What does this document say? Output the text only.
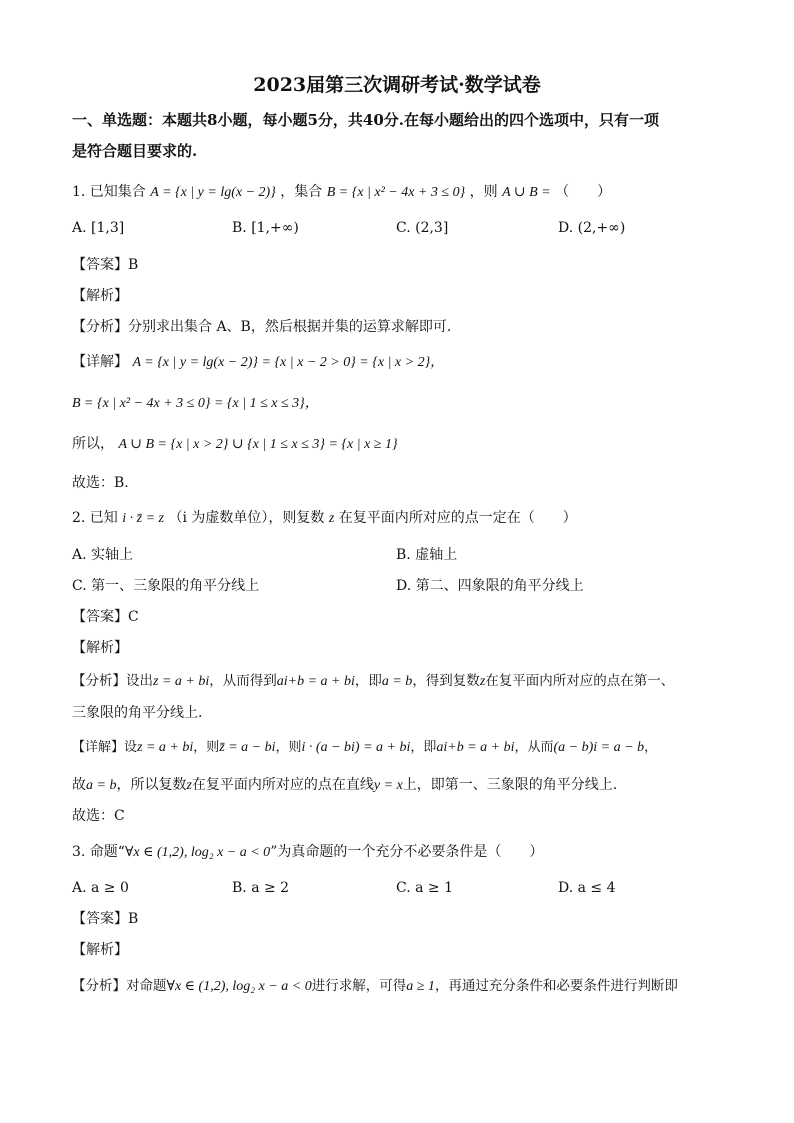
2023届第三次调研考试·数学试卷
一、单选题：本题共8小题，每小题5分，共40分.在每小题给出的四个选项中，只有一项
是符合题目要求的.
1. 已知集合 A = {x | y = lg(x − 2)} ，集合 B = {x | x² − 4x + 3 ≤ 0} ，则 A ∪ B = （　　）
A. [1,3]	B. [1,+∞)	C. (2,3]	D. (2,+∞)
【答案】B
【解析】
【分析】分别求出集合 A、B，然后根据并集的运算求解即可.
【详解】 A = {x | y = lg(x − 2)} = {x | x − 2 > 0} = {x | x > 2}，
B = {x | x² − 4x + 3 ≤ 0} = {x | 1 ≤ x ≤ 3}，
所以， A ∪ B = {x | x > 2} ∪ {x | 1 ≤ x ≤ 3} = {x | x ≥ 1}
故选：B.
2. 已知 i · z̄ = z （i 为虚数单位），则复数 z 在复平面内所对应的点一定在（　　）
A. 实轴上	B. 虚轴上
C. 第一、三象限的角平分线上	D. 第二、四象限的角平分线上
【答案】C
【解析】
【分析】设出z = a + bi，从而得到ai+b = a + bi，即a = b，得到复数z在复平面内所对应的点在第一、
三象限的角平分线上.
【详解】设z = a + bi，则z̄ = a − bi，则i · (a − bi) = a + bi，即ai+b = a + bi，从而(a − b)i = a − b，
故a = b，所以复数z在复平面内所对应的点在直线y = x上，即第一、三象限的角平分线上.
故选：C
3. 命题“∀x ∈ (1,2), log₂ x − a < 0”为真命题的一个充分不必要条件是（　　）
A. a ≥ 0	B. a ≥ 2	C. a ≥ 1	D. a ≤ 4
【答案】B
【解析】
【分析】对命题∀x ∈ (1,2), log₂ x − a < 0进行求解，可得a ≥ 1，再通过充分条件和必要条件进行判断即
